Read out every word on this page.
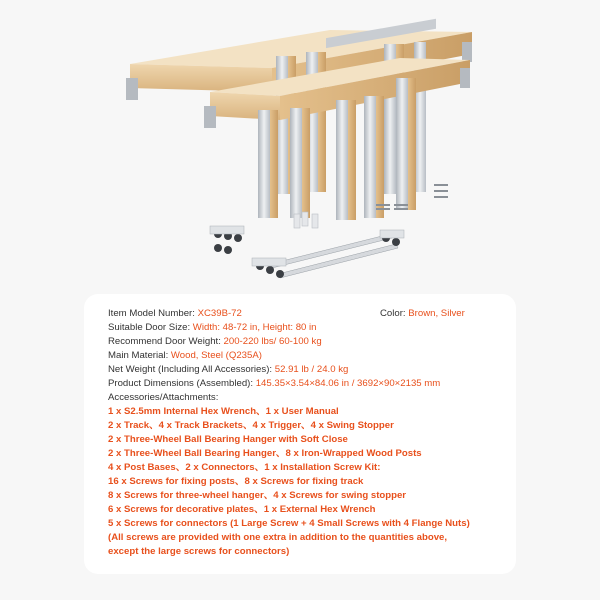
Item Model Number: XC39B-72	Color: Brown, Silver
Suitable Door Size: Width: 48-72 in, Height: 80 in
Recommend Door Weight: 200-220 lbs/ 60-100 kg
Main Material: Wood, Steel (Q235A)
Net Weight (Including All Accessories): 52.91 lb / 24.0 kg
Product Dimensions (Assembled): 145.35×3.54×84.06 in / 3692×90×2135 mm
Accessories/Attachments:
1 x S2.5mm Internal Hex Wrench、1 x User Manual
2 x Track、4 x Track Brackets、4 x Trigger、4 x Swing Stopper
2 x Three-Wheel Ball Bearing Hanger with Soft Close
2 x Three-Wheel Ball Bearing Hanger、8 x Iron-Wrapped Wood Posts
4 x Post Bases、2 x Connectors、1 x Installation Screw Kit:
16 x Screws for fixing posts、8 x Screws for fixing track
8 x Screws for three-wheel hanger、4 x Screws for swing stopper
6 x Screws for decorative plates、1 x External Hex Wrench
5 x Screws for connectors (1 Large Screw + 4 Small Screws with 4 Flange Nuts)
(All screws are provided with one extra in addition to the quantities above,
except the large screws for connectors)
